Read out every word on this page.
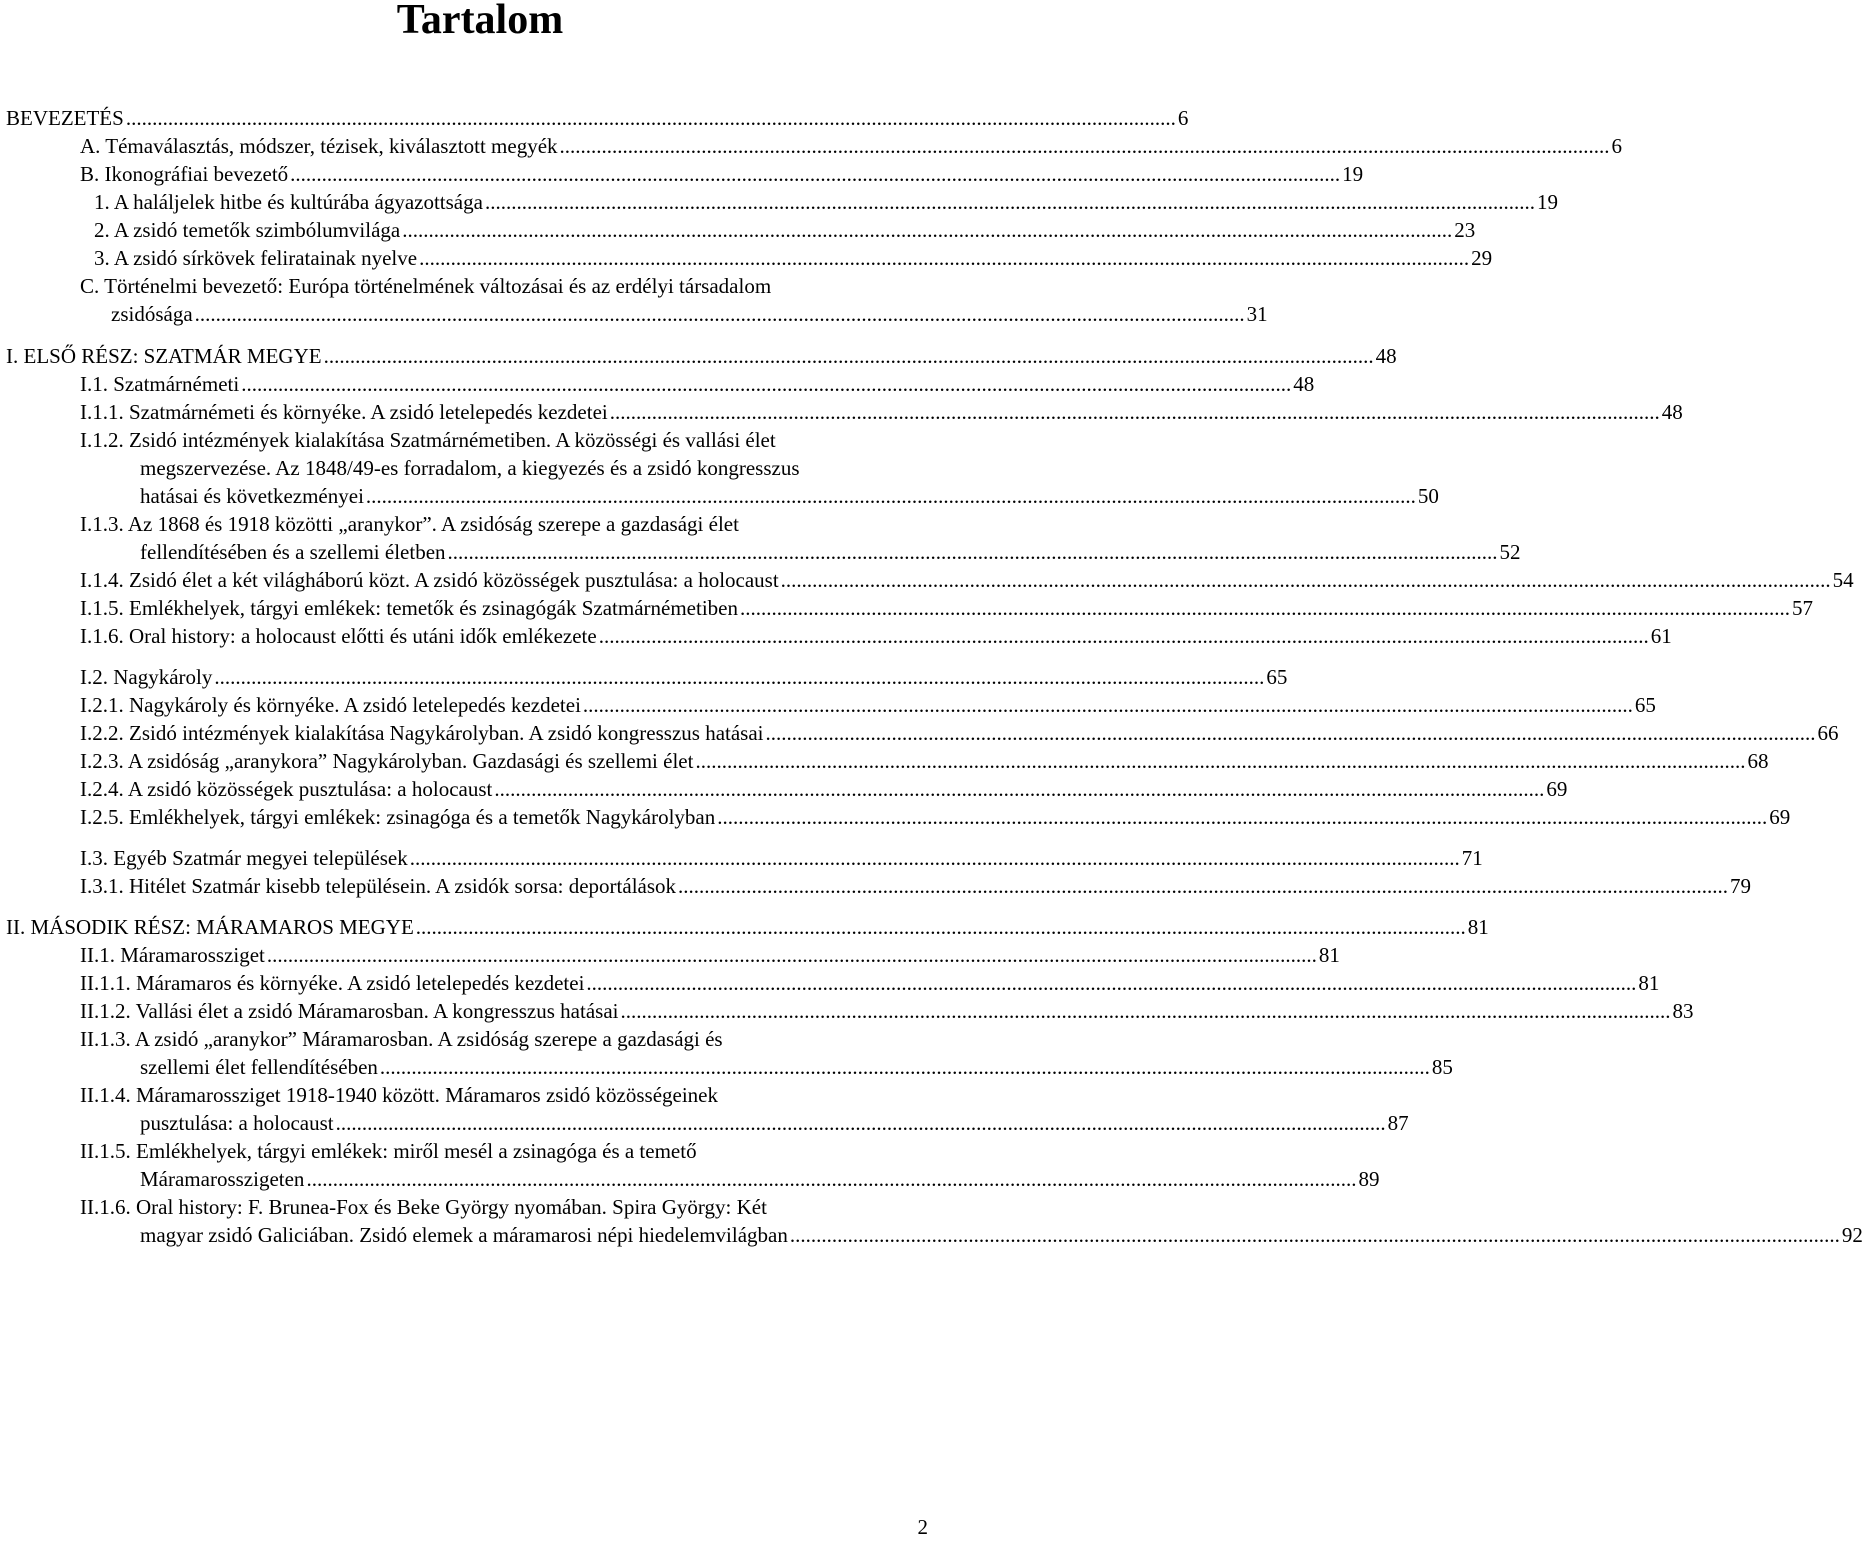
Tartalom
BEVEZETÉS ........................................................................................................................................................................................................ 6
A. Témaválasztás, módszer, tézisek, kiválasztott megyék ........................................................................................................................................................................................................ 6
B. Ikonográfiai bevezető ........................................................................................................................................................................................................ 19
1. A haláljelek hitbe és kultúrába ágyazottsága ........................................................................................................................................................................................................ 19
2. A zsidó temetők szimbólumvilága ........................................................................................................................................................................................................ 23
3. A zsidó sírkövek feliratainak nyelve ........................................................................................................................................................................................................ 29
C. Történelmi bevezető: Európa történelmének változásai és az erdélyi társadalom
zsidósága ........................................................................................................................................................................................................ 31
I. ELSŐ RÉSZ: SZATMÁR MEGYE ........................................................................................................................................................................................................ 48
I.1. Szatmárnémeti ........................................................................................................................................................................................................ 48
I.1.1. Szatmárnémeti és környéke. A zsidó letelepedés kezdetei ........................................................................................................................................................................................................ 48
I.1.2. Zsidó intézmények kialakítása Szatmárnémetiben. A közösségi és vallási élet
megszervezése. Az 1848/49-es forradalom, a kiegyezés és a zsidó kongresszus
hatásai és következményei ........................................................................................................................................................................................................ 50
I.1.3. Az 1868 és 1918 közötti „aranykor”. A zsidóság szerepe a gazdasági élet
fellendítésében és a szellemi életben ........................................................................................................................................................................................................ 52
I.1.4. Zsidó élet a két világháború közt. A zsidó közösségek pusztulása: a holocaust ........................................................................................................................................................................................................ 54
I.1.5. Emlékhelyek, tárgyi emlékek: temetők és zsinagógák Szatmárnémetiben ........................................................................................................................................................................................................ 57
I.1.6. Oral history: a holocaust előtti és utáni idők emlékezete ........................................................................................................................................................................................................ 61
I.2. Nagykároly ........................................................................................................................................................................................................ 65
I.2.1. Nagykároly és környéke. A zsidó letelepedés kezdetei ........................................................................................................................................................................................................ 65
I.2.2. Zsidó intézmények kialakítása Nagykárolyban. A zsidó kongresszus hatásai ........................................................................................................................................................................................................ 66
I.2.3. A zsidóság „aranykora” Nagykárolyban. Gazdasági és szellemi élet ........................................................................................................................................................................................................ 68
I.2.4. A zsidó közösségek pusztulása: a holocaust ........................................................................................................................................................................................................ 69
I.2.5. Emlékhelyek, tárgyi emlékek: zsinagóga és a temetők Nagykárolyban ........................................................................................................................................................................................................ 69
I.3. Egyéb Szatmár megyei települések ........................................................................................................................................................................................................ 71
I.3.1. Hitélet Szatmár kisebb településein. A zsidók sorsa: deportálások ........................................................................................................................................................................................................ 79
II. MÁSODIK RÉSZ: MÁRAMAROS MEGYE ........................................................................................................................................................................................................ 81
II.1. Máramarossziget ........................................................................................................................................................................................................ 81
II.1.1. Máramaros és környéke. A zsidó letelepedés kezdetei ........................................................................................................................................................................................................ 81
II.1.2. Vallási élet a zsidó Máramarosban. A kongresszus hatásai ........................................................................................................................................................................................................ 83
II.1.3. A zsidó „aranykor” Máramarosban. A zsidóság szerepe a gazdasági és
szellemi élet fellendítésében ........................................................................................................................................................................................................ 85
II.1.4. Máramarossziget 1918-1940 között. Máramaros zsidó közösségeinek
pusztulása: a holocaust ........................................................................................................................................................................................................ 87
II.1.5. Emlékhelyek, tárgyi emlékek: miről mesél a zsinagóga és a temető
Máramarosszigeten ........................................................................................................................................................................................................ 89
II.1.6. Oral history: F. Brunea-Fox és Beke György nyomában. Spira György: Két
magyar zsidó Galiciában. Zsidó elemek a máramarosi népi hiedelemvilágban ........................................................................................................................................................................................................ 92
2
